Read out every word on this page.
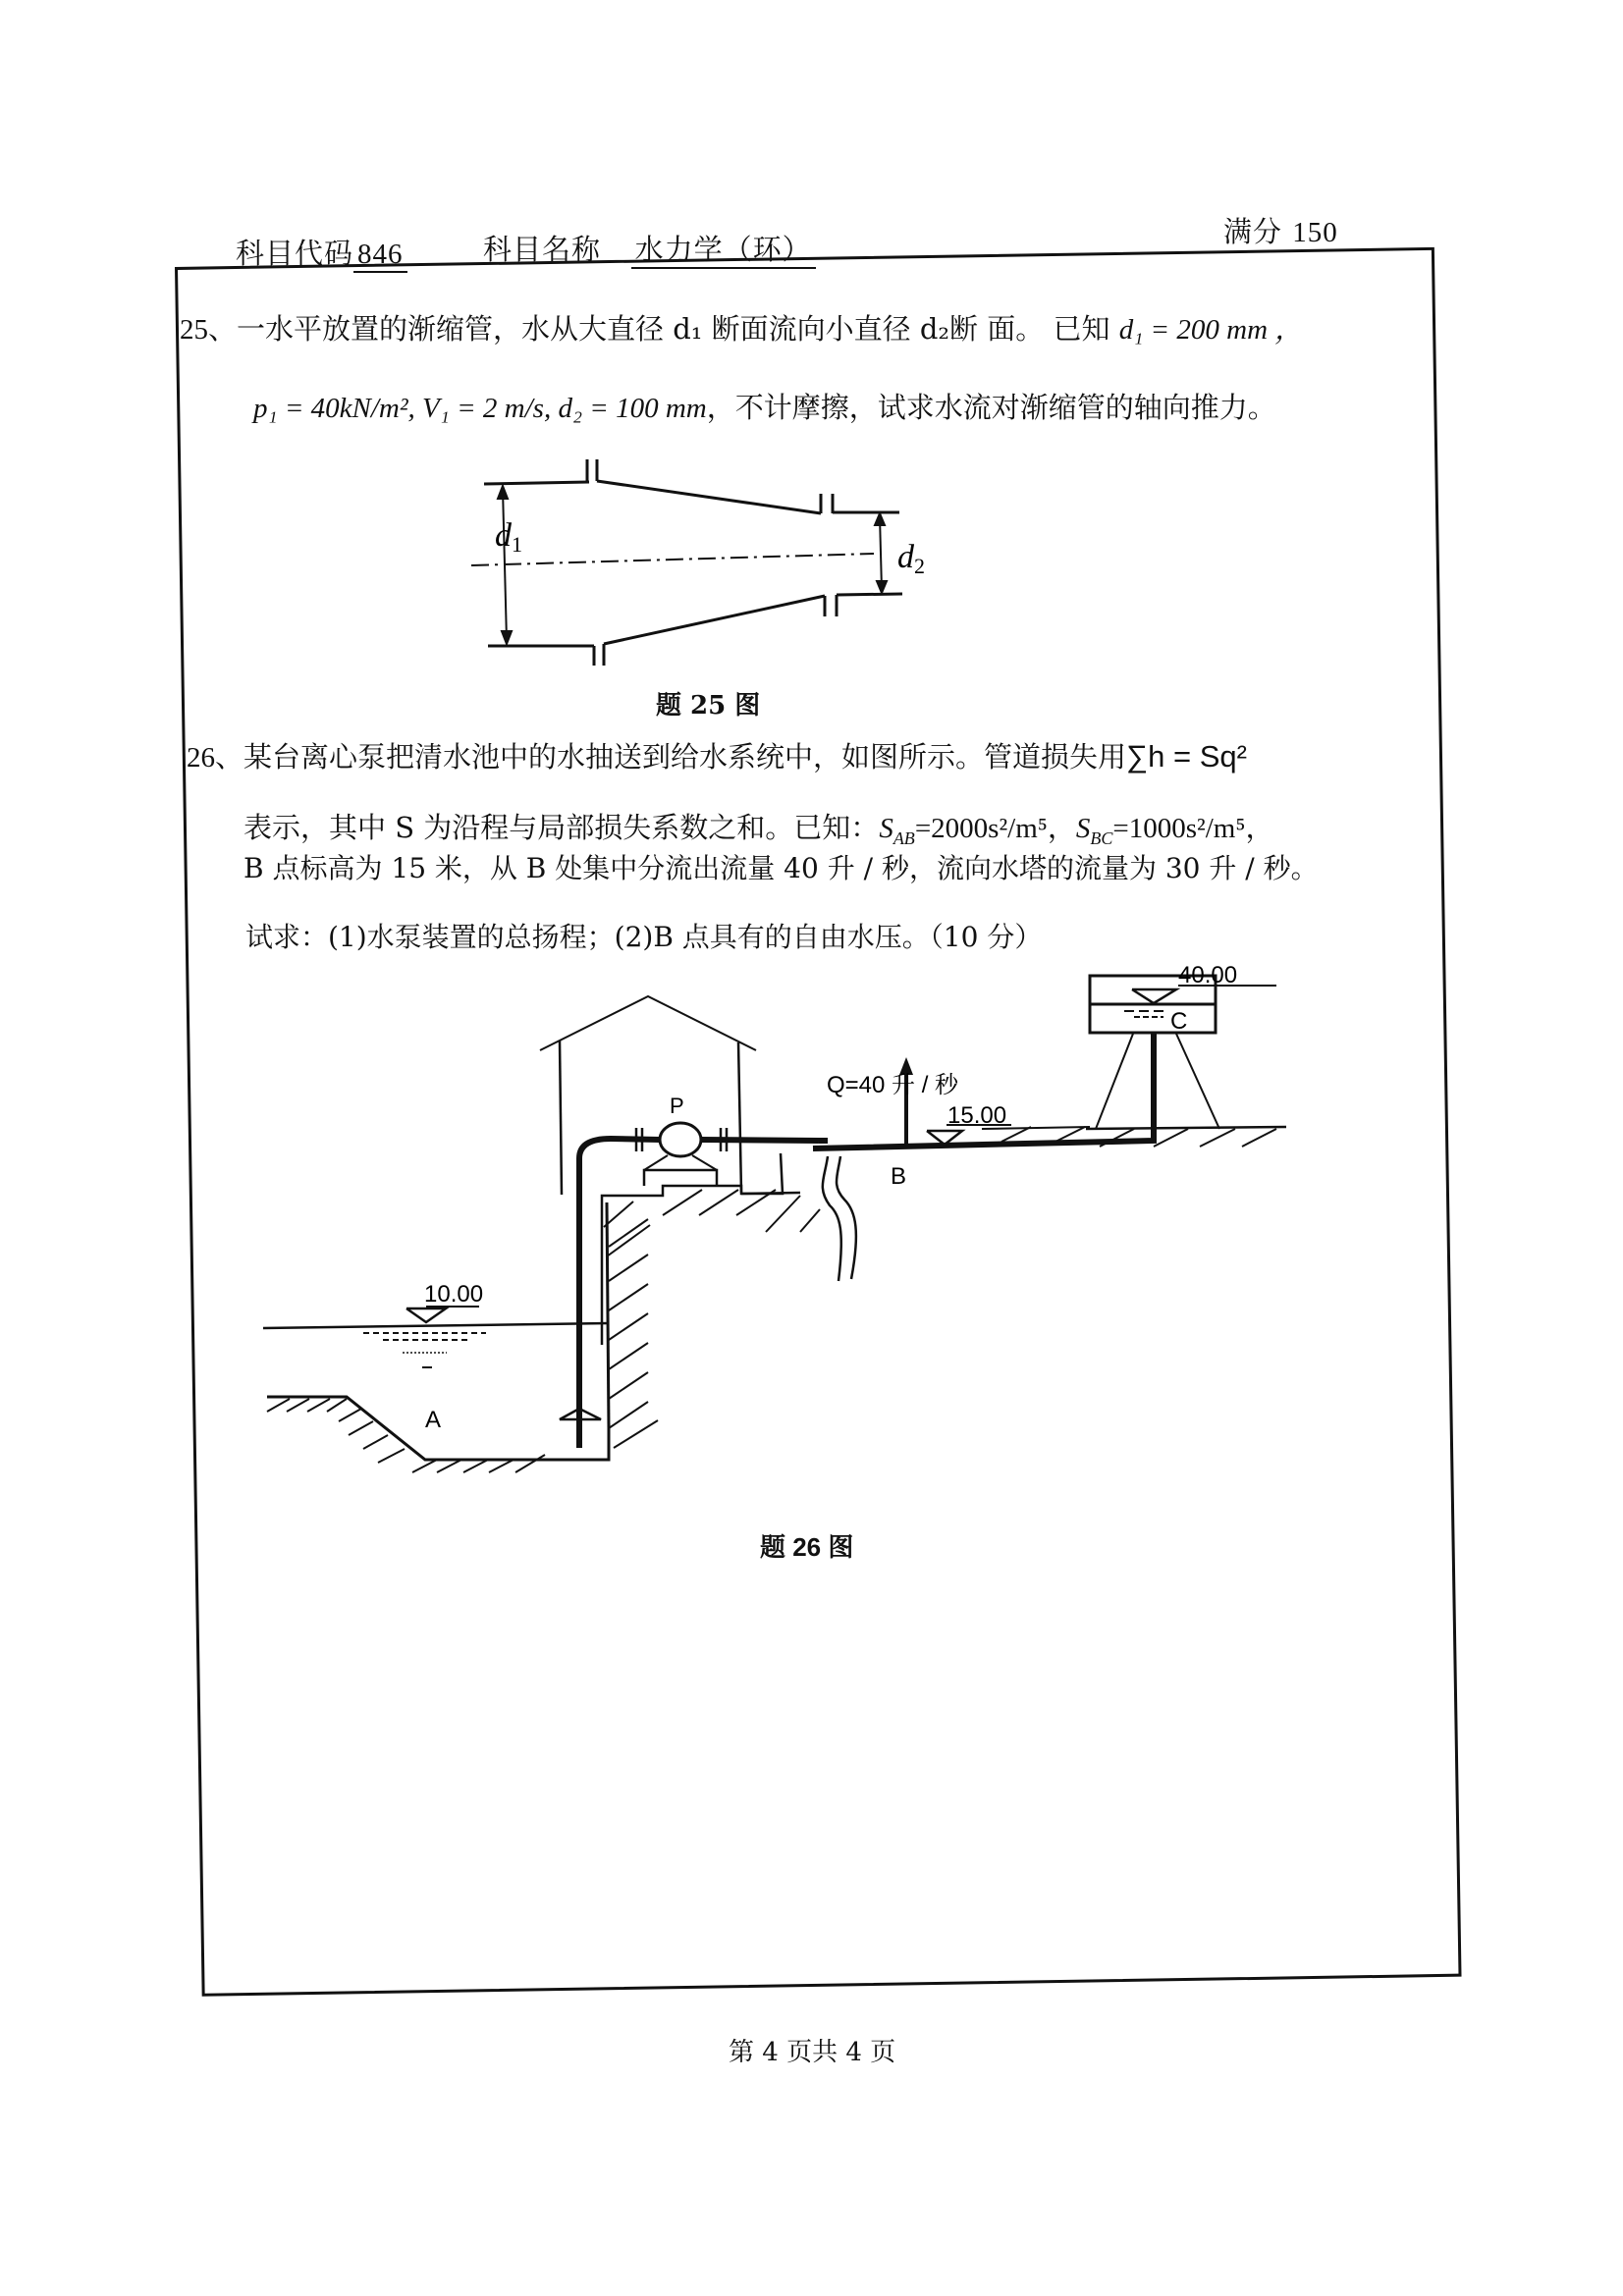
科目代码 846	科目名称 水力学（环）
满分 150
25、一水平放置的渐缩管，水从大直径 d₁ 断面流向小直径 d₂断 面。 已知 d₁ = 200 mm ，
p₁ = 40kN/m², V₁ = 2 m/s, d₂ = 100 mm，不计摩擦，试求水流对渐缩管的轴向推力。
d1	d2
题 25 图
26、某台离心泵把清水池中的水抽送到给水系统中，如图所示。管道损失用∑h = Sq²
表示，其中 S 为沿程与局部损失系数之和。已知：$S_{AB}=2000s^2/m^5$，$S_{BC}=1000s^2/m^5$，
B 点标高为 15 米，从 B 处集中分流出流量 40 升 / 秒，流向水塔的流量为 30 升 / 秒。
试求：(1)水泵装置的总扬程；(2)B 点具有的自由水压。（10 分）
40.00
C
Q=40 升 / 秒
P	15.00
B
10.00
A
题 26 图
第 4 页共 4 页
